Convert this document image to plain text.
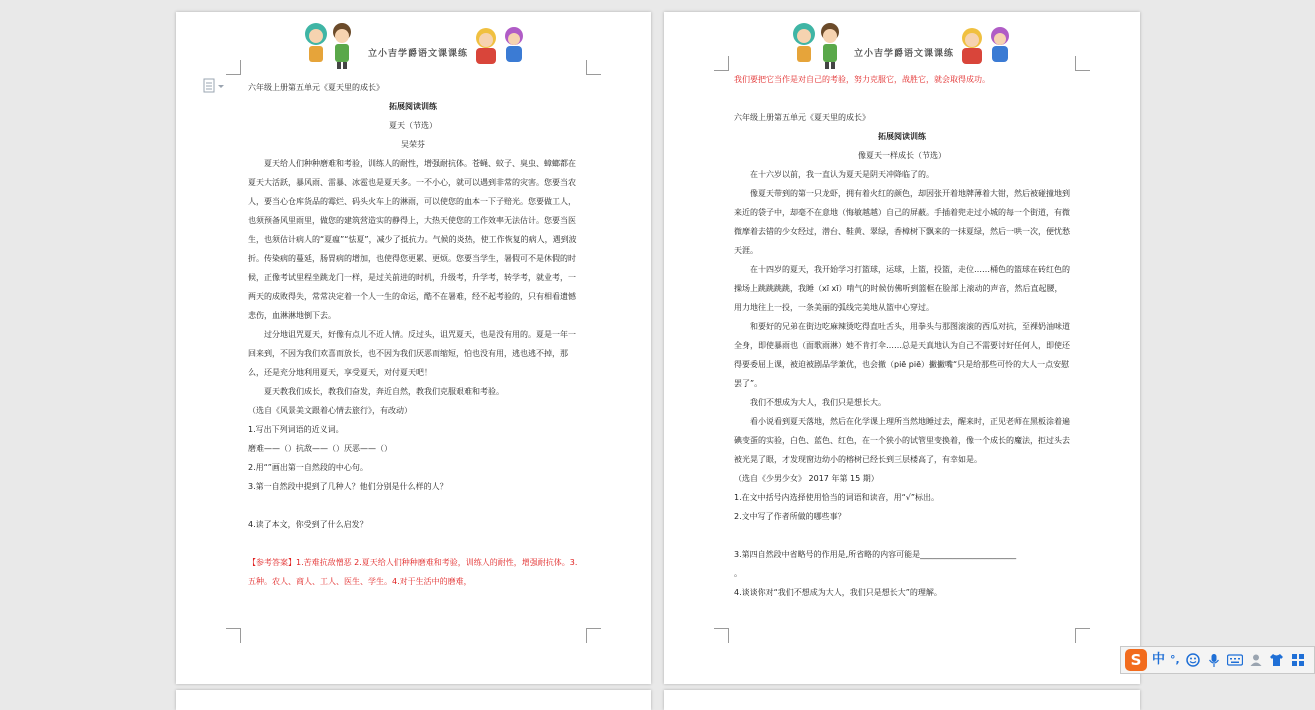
立小吉学爵语文课课练

六年级上册第五单元《夏天里的成长》

拓展阅读训练

夏天（节选）

吴荣芬

夏天给人们种种磨难和考验，训练人的耐性，增强耐抗体。苍蝇、蚊子、臭虫、蟑螂都在夏天大活跃，暴风雨、雷暴、冰雹也是夏天多。一不小心，就可以遇到非常的灾害。您要当农人，要当心仓库货品的霉烂、码头火车上的淋雨，可以使您的血本一下子赔光。您要做工人，也须预备风里雨里，做您的建筑营造实的静得上，大热天使您的工作效率无法估计。您要当医生，也须估计病人的“夏瘟”“怯夏”，减少了抵抗力。气候的炎热，使工作恢复的病人，遇到波折。传染病的蔓延，肠胃病的增加，也使得您更累、更烦。您要当学生，暑假可不是休假的时候，正像考试里程坐跳龙门一样，是过关前进的时机，升级考，升学考，转学考，就业考，一两天的成败得失，常常决定着一个人一生的命运，酷不在暑难，经不起考验的，只有相看遗憾悲伤，血淋淋地倒下去。

过分地诅咒夏天，好像有点儿不近人情。反过头，诅咒夏天，也是没有用的。夏是一年一回来到，不因为我们欢喜而放长，也不因为我们厌恶而缩短，怕也没有用，逃也逃不掉，那么，还是充分地利用夏天，享受夏天，对付夏天吧！

夏天教我们成长，教我们奋发，奔近自然，教我们克服艰难和考验。

（选自《风景美文跟着心情去旅行》，有改动）

1.写出下列词语的近义词。

磨难——（）抗敌——（）厌恶——（）

2.用“”画出第一自然段的中心句。

3.第一自然段中提到了几种人？他们分别是什么样的人？

4.读了本文，你受到了什么启发？

【参考答案】1.苦难抗敌憎恶 2.夏天给人们种种磨难和考验，训练人的耐性，增强耐抗体。3.五种。农人、商人、工人、医生、学生。4.对于生活中的磨难，

立小吉学爵语文课课练

我们要把它当作是对自己的考验，努力克服它，战胜它，就会取得成功。

六年级上册第五单元《夏天里的成长》

拓展阅读训练

像夏天一样成长（节选）

在十六岁以前，我一直认为夏天是阴天冲降临了的。

像夏天带到的第一只龙虾，拥有着火红的颜色，却因张开着地牌薄着大钳，然后被碰撞地到来近的袋子中，却毫不在意地（悔敏越越）自己的屏蔽。手插着兜走过小城的每一个街道，有微微摩着去错的少女经过，潜台、鞋黄、翠绿，香樟树下飘来的一抹夏绿，然后一哄一次，便忧愁天涯。

在十四岁的夏天，我开始学习打篮球，运球，上篮，投篮，走位……桶色的篮球在砖红色的操场上跳跳跳跳，我睡（xī xī）啃气的时候仿佛听到篮框在脸部上滚动的声音，然后直起腰，用力地往上一投，一条美丽的弧线完美地从篮中心穿过。

和要好的兄弟在街边吃麻辣烫吃得直吐舌头，用拳头与那图滚滚的西瓜对抗，至裸奶油味道全身，即使暴雨也（面歌雨淋）她不肯打伞……总是天真地认为自己不需要讨好任何人，即使还得要委屈上课，被迫被剧品学兼优，也会撤（piē piē）撇撇嘴“只是给那些可怜的大人一点安慰罢了”。

我们不想成为大人，我们只是想长大。

看小说看到夏天落地，然后在化学课上理所当然地睡过去，醒来时，正见老师在黑板涂着遍碘变蛋的实验，白色、蓝色、红色，在一个狭小的试管里变换着，像一个成长的魔法，拒过头去被光晃了眼，才发现窗边幼小的榕树已经长到三层楼高了，有幸如是。

（选自《少男少女》 2017 年第 15 期）

1.在文中括号内选择使用恰当的词语和读音，用“√”标出。

2.文中写了作者所做的哪些事？

3.第四自然段中省略号的作用是,所省略的内容可能是________________________

。

4.谈谈你对“我们不想成为大人，我们只是想长大”的理解。

S 中 °,
